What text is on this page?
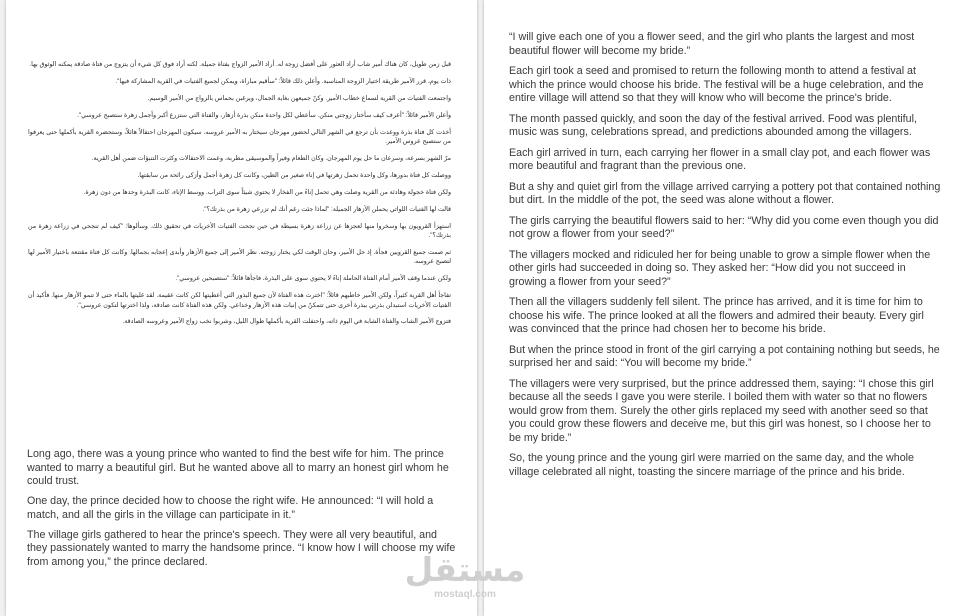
قبل زمن طويل، كان هناك أمير شاب أراد العثور على أفضل زوجة له. أراد الأمير الزواج بفتاة جميلة. لكنه أراد فوق كل شيء أن يتزوج من فتاة صادقة يمكنه الوثوق بها.

ذات يوم، قرر الأمير طريقة اختيار الزوجة المناسبة. وأعلن ذلك قائلاً: "سأقيم مباراة، ويمكن لجميع الفتيات في القرية المشاركة فيها".

واجتمعت الفتيات من القرية لسماع خطاب الأمير. وكنّ جميعهن بغاية الجمال، ويرغبن بحماس بالزواج من الأمير الوسيم.

وأعلن الأمير قائلاً: "أعرف كيف سأختار زوجتي منكن. سأعطي لكل واحدة منكن بذرة أزهار، والفتاة التي ستزرع أكبر وأجمل زهرة ستصبح عروسي".

أخذت كل فتاة بذرة ووعدت بأن ترجع في الشهر التالي لحضور مهرجان سيختار به الأمير عروسه. سيكون المهرجان احتفالاً هائلاً، وستحضره القرية بأكملها حتى يعرفوا من ستصبح عروس الأمير.

مرّ الشهر بسرعة، وسرعان ما حل يوم المهرجان. وكان الطعام وفيراً والموسيقى مطربة، وعمت الاحتفالات وكثرت التنبؤات ضمن أهل القرية.

ووصلت كل فتاة بدورها، وكل واحدة تحمل زهرتها في إناء صغير من الطين، وكانت كل زهرة أجمل وأزكى رائحة من سابقتها.

ولكن فتاة خجولة وهادئة من القرية وصلت وهي تحمل إناءً من الفخار لا يحتوي شيئاً سوى التراب. ووسط الإناء، كانت البذرة وحدها من دون زهرة.

قالت لها الفتيات اللواتي يحملن الأزهار الجميلة: "لماذا جئت رغم أنك لم تزرعي زهرة من بذرتك؟".

استهزأ القرويون بها وسخروا منها لعجزها عن زراعة زهرة بسيطة في حين نجحت الفتيات الأخريات في تحقيق ذلك. وسألوها: "كيف لم تنجحي في زراعة زهرة من بذرتك؟".

ثم صمت جميع القرويين فجأة. إذ حل الأمير، وحان الوقت لكي يختار زوجته. نظر الأمير إلى جميع الأزهار وأبدى إعجابه بجمالها. وكانت كل فتاة مقتنعة باختيار الأمير لها لتصبح عروسه.

ولكن عندما وقف الأمير أمام الفتاة الحاملة إناءً لا يحتوي سوى على البذرة، فاجأها قائلاً: "ستصبحين عروسي".

تفاجأ أهل القرية كثيراً، ولكن الأمير خاطبهم قائلاً: "اخترت هذه الفتاة لأن جميع البذور التي أعطيتها لكن كانت عقيمة. لقد غليتها بالماء حتى لا تنمو الأزهار منها. فأكيد أن الفتيات الأخريات استبدلن بذرتي ببذرة أخرى حتى تتمكنّ من إنبات هذه الأزهار وخداعي. ولكن هذه الفتاة كانت صادقة، ولذا اخترتها لتكون عروسي".

فتزوج الأمير الشاب والفتاة الشابة في اليوم ذاته، واحتفلت القرية بأكملها طوال الليل، وشربوا نخب زواج الأمير وعروسه الصادقة.

Long ago, there was a young prince who wanted to find the best wife for him. The prince wanted to marry a beautiful girl. But he wanted above all to marry an honest girl whom he could trust.

One day, the prince decided how to choose the right wife. He announced: “I will hold a match, and all the girls in the village can participate in it.”

The village girls gathered to hear the prince's speech. They were all very beautiful, and they passionately wanted to marry the handsome prince. “I know how I will choose my wife from among you,” the prince declared.

“I will give each one of you a flower seed, and the girl who plants the largest and most beautiful flower will become my bride.”

Each girl took a seed and promised to return the following month to attend a festival at which the prince would choose his bride. The festival will be a huge celebration, and the entire village will attend so that they will know who will become the prince's bride.

The month passed quickly, and soon the day of the festival arrived. Food was plentiful, music was sung, celebrations spread, and predictions abounded among the villagers.

Each girl arrived in turn, each carrying her flower in a small clay pot, and each flower was more beautiful and fragrant than the previous one.

But a shy and quiet girl from the village arrived carrying a pottery pot that contained nothing but dirt. In the middle of the pot, the seed was alone without a flower.

The girls carrying the beautiful flowers said to her: “Why did you come even though you did not grow a flower from your seed?”

The villagers mocked and ridiculed her for being unable to grow a simple flower when the other girls had succeeded in doing so. They asked her: “How did you not succeed in growing a flower from your seed?”

Then all the villagers suddenly fell silent. The prince has arrived, and it is time for him to choose his wife. The prince looked at all the flowers and admired their beauty. Every girl was convinced that the prince had chosen her to become his bride.

But when the prince stood in front of the girl carrying a pot containing nothing but seeds, he surprised her and said: “You will become my bride.”

The villagers were very surprised, but the prince addressed them, saying: “I chose this girl because all the seeds I gave you were sterile. I boiled them with water so that no flowers would grow from them. Surely the other girls replaced my seed with another seed so that you could grow these flowers and deceive me, but this girl was honest, so I choose her to be my bride.”

So, the young prince and the young girl were married on the same day, and the whole village celebrated all night, toasting the sincere marriage of the prince and his bride.

مستقل
mostaql.com
